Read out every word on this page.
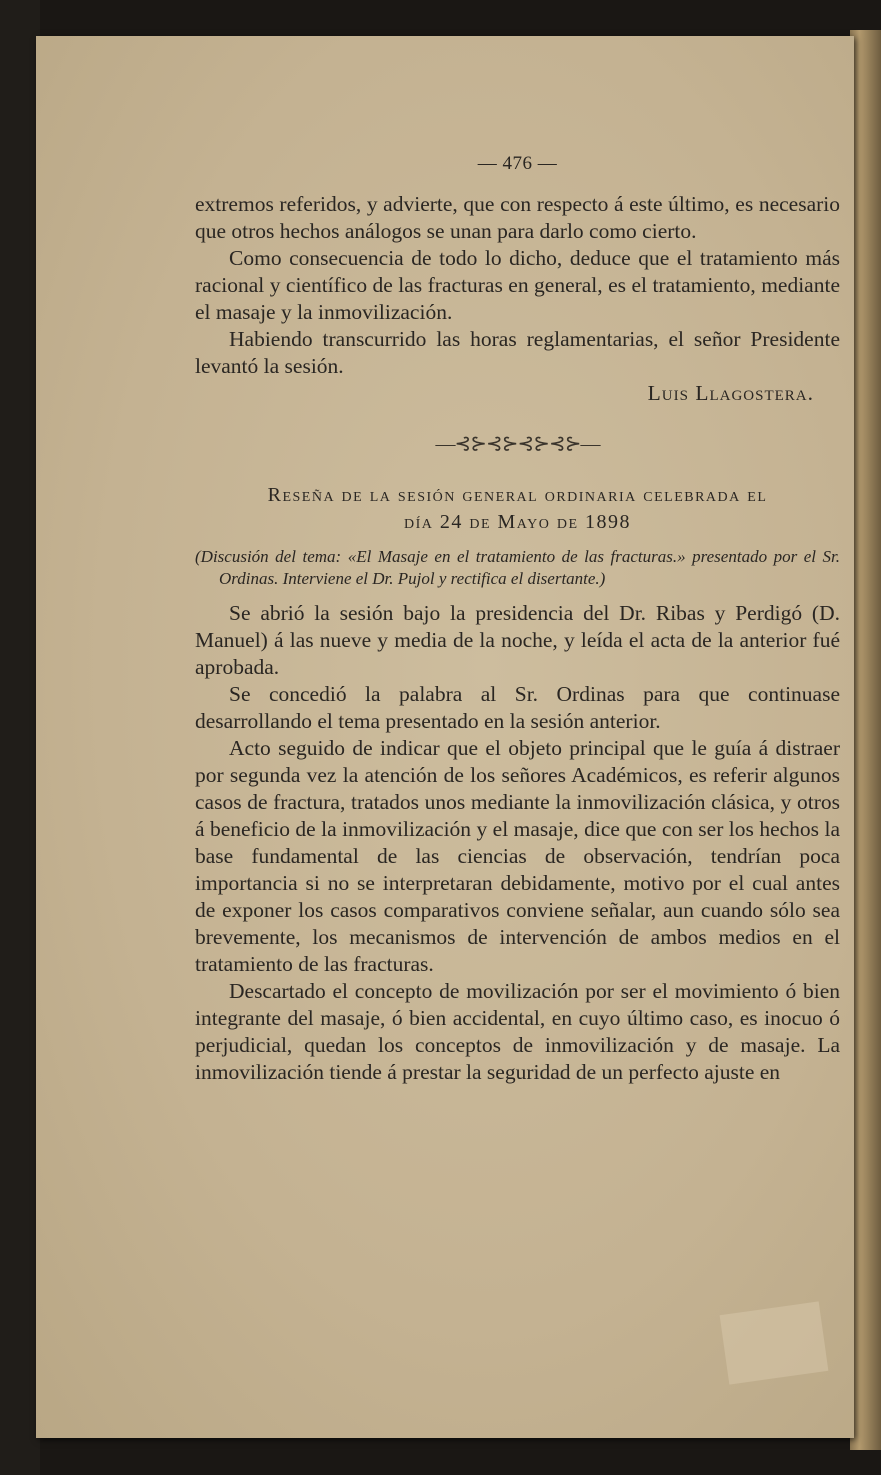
— 476 —

extremos referidos, y advierte, que con respecto á este último, es necesario que otros hechos análogos se unan para darlo como cierto.

Como consecuencia de todo lo dicho, deduce que el tratamiento más racional y científico de las fracturas en general, es el tratamiento, mediante el masaje y la inmovilización.

Habiendo transcurrido las horas reglamentarias, el señor Presidente levantó la sesión.

Luis Llagostera.
—⊰⊱⊰⊱⊰⊱⊰⊱—
Reseña de la sesión general ordinaria celebrada el
día 24 de Mayo de 1898

(Discusión del tema: «El Masaje en el tratamiento de las fracturas.» presentado por el Sr. Ordinas. Interviene el Dr. Pujol y rectifica el disertante.)

Se abrió la sesión bajo la presidencia del Dr. Ribas y Perdigó (D. Manuel) á las nueve y media de la noche, y leída el acta de la anterior fué aprobada.

Se concedió la palabra al Sr. Ordinas para que continuase desarrollando el tema presentado en la sesión anterior.

Acto seguido de indicar que el objeto principal que le guía á distraer por segunda vez la atención de los señores Académicos, es referir algunos casos de fractura, tratados unos mediante la inmovilización clásica, y otros á beneficio de la inmovilización y el masaje, dice que con ser los hechos la base fundamental de las ciencias de observación, tendrían poca importancia si no se interpretaran debidamente, motivo por el cual antes de exponer los casos comparativos conviene señalar, aun cuando sólo sea brevemente, los mecanismos de intervención de ambos medios en el tratamiento de las fracturas.

Descartado el concepto de movilización por ser el movimiento ó bien integrante del masaje, ó bien accidental, en cuyo último caso, es inocuo ó perjudicial, quedan los conceptos de inmovilización y de masaje. La inmovilización tiende á prestar la seguridad de un perfecto ajuste en
